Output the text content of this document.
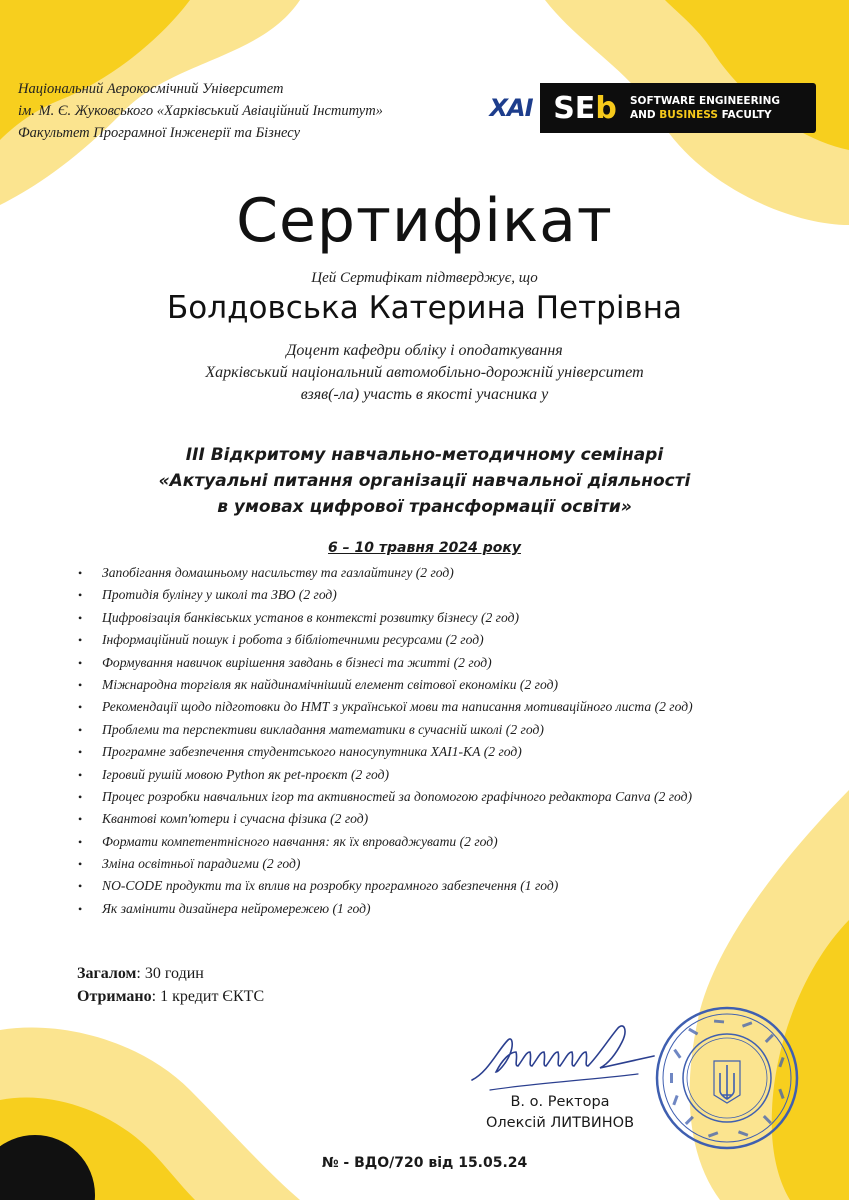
Національний Аерокосмічний Університет
ім. М. Є. Жуковського «Харківський Авіаційний Інститут»
Факультет Програмної Інженерії та Бізнесу
XAI SEb	SOFTWARE ENGINEERING
AND BUSINESS FACULTY
Сертифікат
Цей Сертифікат підтверджує, що
Болдовська Катерина Петрівна
Доцент кафедри обліку і оподаткування
Харківський національний автомобільно-дорожній університет
взяв(-ла) участь в якості учасника у
ІІІ Відкритому навчально-методичному семінарі
«Актуальні питання організації навчальної діяльності
в умовах цифрової трансформації освіти»
6 – 10 травня 2024 року
• Запобігання домашньому насильству та газлайтингу (2 год)
• Протидія булінгу у школі та ЗВО (2 год)
• Цифровізація банківських установ в контексті розвитку бізнесу (2 год)
• Інформаційний пошук і робота з бібліотечними ресурсами (2 год)
• Формування навичок вирішення завдань в бізнесі та житті (2 год)
• Міжнародна торгівля як найдинамічніший елемент світової економіки (2 год)
• Рекомендації щодо підготовки до НМТ з української мови та написання мотиваційного листа (2 год)
• Проблеми та перспективи викладання математики в сучасній школі (2 год)
• Програмне забезпечення студентського наносупутника ХАІ1-КА (2 год)
• Ігровий рушій мовою Python як pet-проєкт (2 год)
• Процес розробки навчальних ігор та активностей за допомогою графічного редактора Canva (2 год)
• Квантові комп'ютери і сучасна фізика (2 год)
• Формати компетентнісного навчання: як їх впроваджувати (2 год)
• Зміна освітньої парадигми (2 год)
• NO-CODE продукти та їх вплив на розробку програмного забезпечення (1 год)
• Як замінити дизайнера нейромережею (1 год)
Загалом: 30 годин
Отримано: 1 кредит ЄКТС
В. о. Ректора
Олексій ЛИТВИНОВ
№ - ВДО/720 від 15.05.24
